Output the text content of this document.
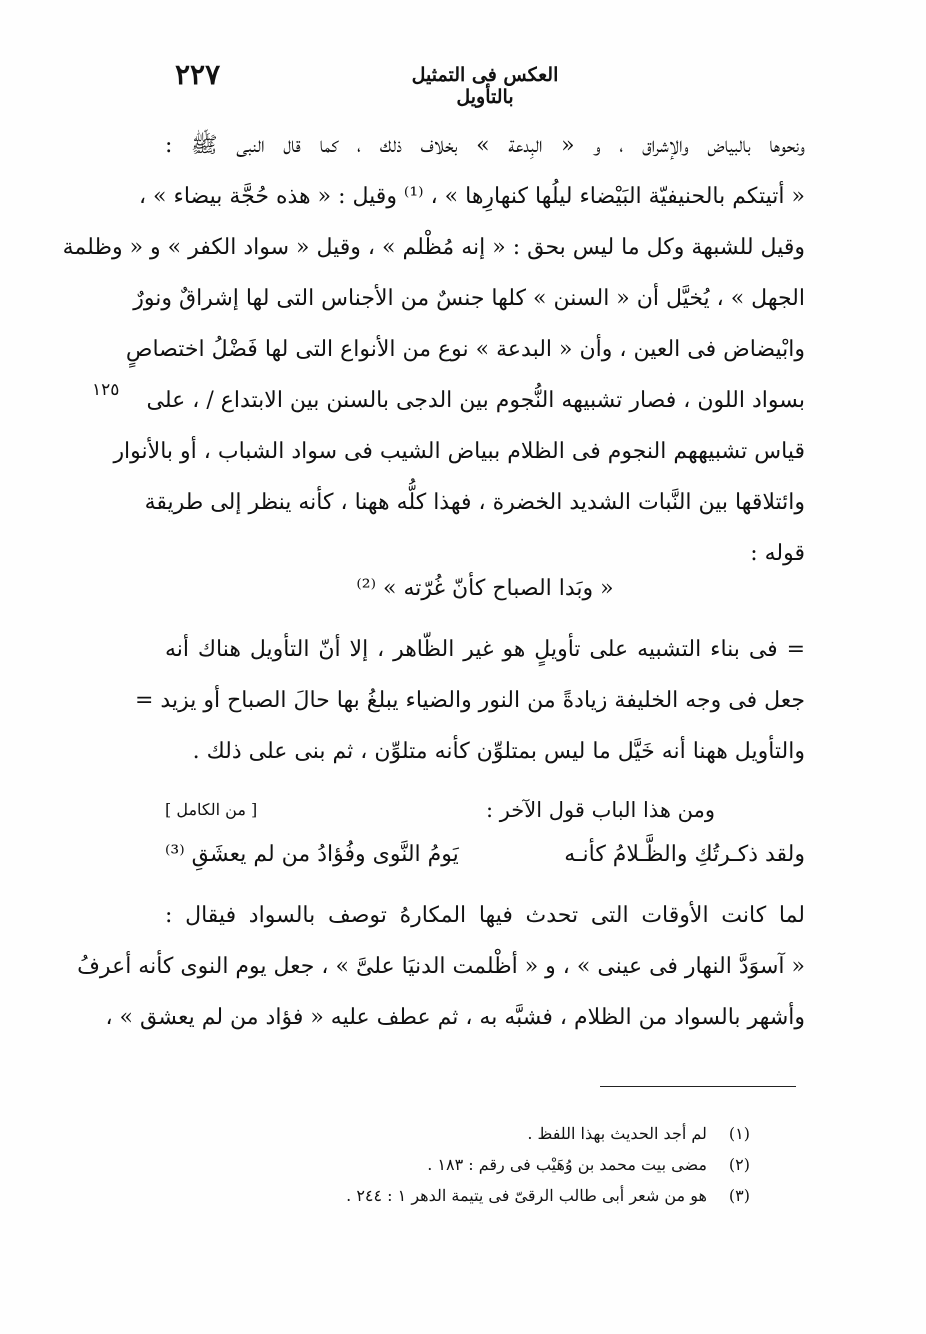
٢٢٧	العكس فى التمثيل بالتأويل
١٢٥
ونحوها بالبياض والإشراق ، و « البِدعة » بخلاف ذلك ، كما قال النبى ﷺ :
« أتيتكم بالحنيفيّة البَيْضاء ليلُها كنهارِها » ، ⁽¹⁾ وقيل : « هذه حُجَّة بيضاء » ،
وقيل للشبهة وكل ما ليس بحق : « إنه مُظْلم » ، وقيل « سواد الكفر » و « وظلمة
الجهل » ، يُخيَّل أن « السنن » كلها جنسٌ من الأجناس التى لها إشراقٌ ونورٌ
وابْيضاض فى العين ، وأن « البدعة » نوع من الأنواع التى لها فَضْلُ اختصاصٍ
بسواد اللون ، فصار تشبيهه النُّجوم بين الدجى بالسنن بين الابتداع / ، على
قياس تشبيههم النجوم فى الظلام ببياض الشيب فى سواد الشباب ، أو بالأنوار
وائتلاقها بين النَّبات الشديد الخضرة ، فهذا كلُّه ههنا ، كأنه ينظر إلى طريقة
قوله :
« وبَدا الصباح كأنّ غُرّته » ⁽²⁾
= فى بناء التشبيه على تأويلٍ هو غير الظّاهر ، إلا أنّ التأويل هناك أنه
جعل فى وجه الخليفة زيادةً من النور والضياء يبلغُ بها حالَ الصباح أو يزيد =
والتأويل ههنا أنه خَيَّل ما ليس بمتلوِّن كأنه متلوِّن ، ثم بنى على ذلك .
ومن هذا الباب قول الآخر :
[ من الكامل ]
ولقد ذكـرتُكِ والظَّـلامُ كأنـه
يَومُ النَّوى وفُؤادُ من لم يعشَقِ ⁽³⁾
لما كانت الأوقات التى تحدث فيها المكارهُ توصف بالسواد فيقال :
« آسوَدَّ النهار فى عينى » ، و « أظْلمت الدنيَا علىَّ » ، جعل يوم النوى كأنه أعرفُ
وأشهر بالسواد من الظلام ، فشبَّه به ، ثم عطف عليه « فؤاد من لم يعشق » ،
(١) لم أجد الحديث بهذا اللفظ .
(٢) مضى بيت محمد بن وُهَيْب فى رقم : ١٨٣ .
(٣) هو من شعر أبى طالب الرقىّ فى يتيمة الدهر ١ : ٢٤٤ .
